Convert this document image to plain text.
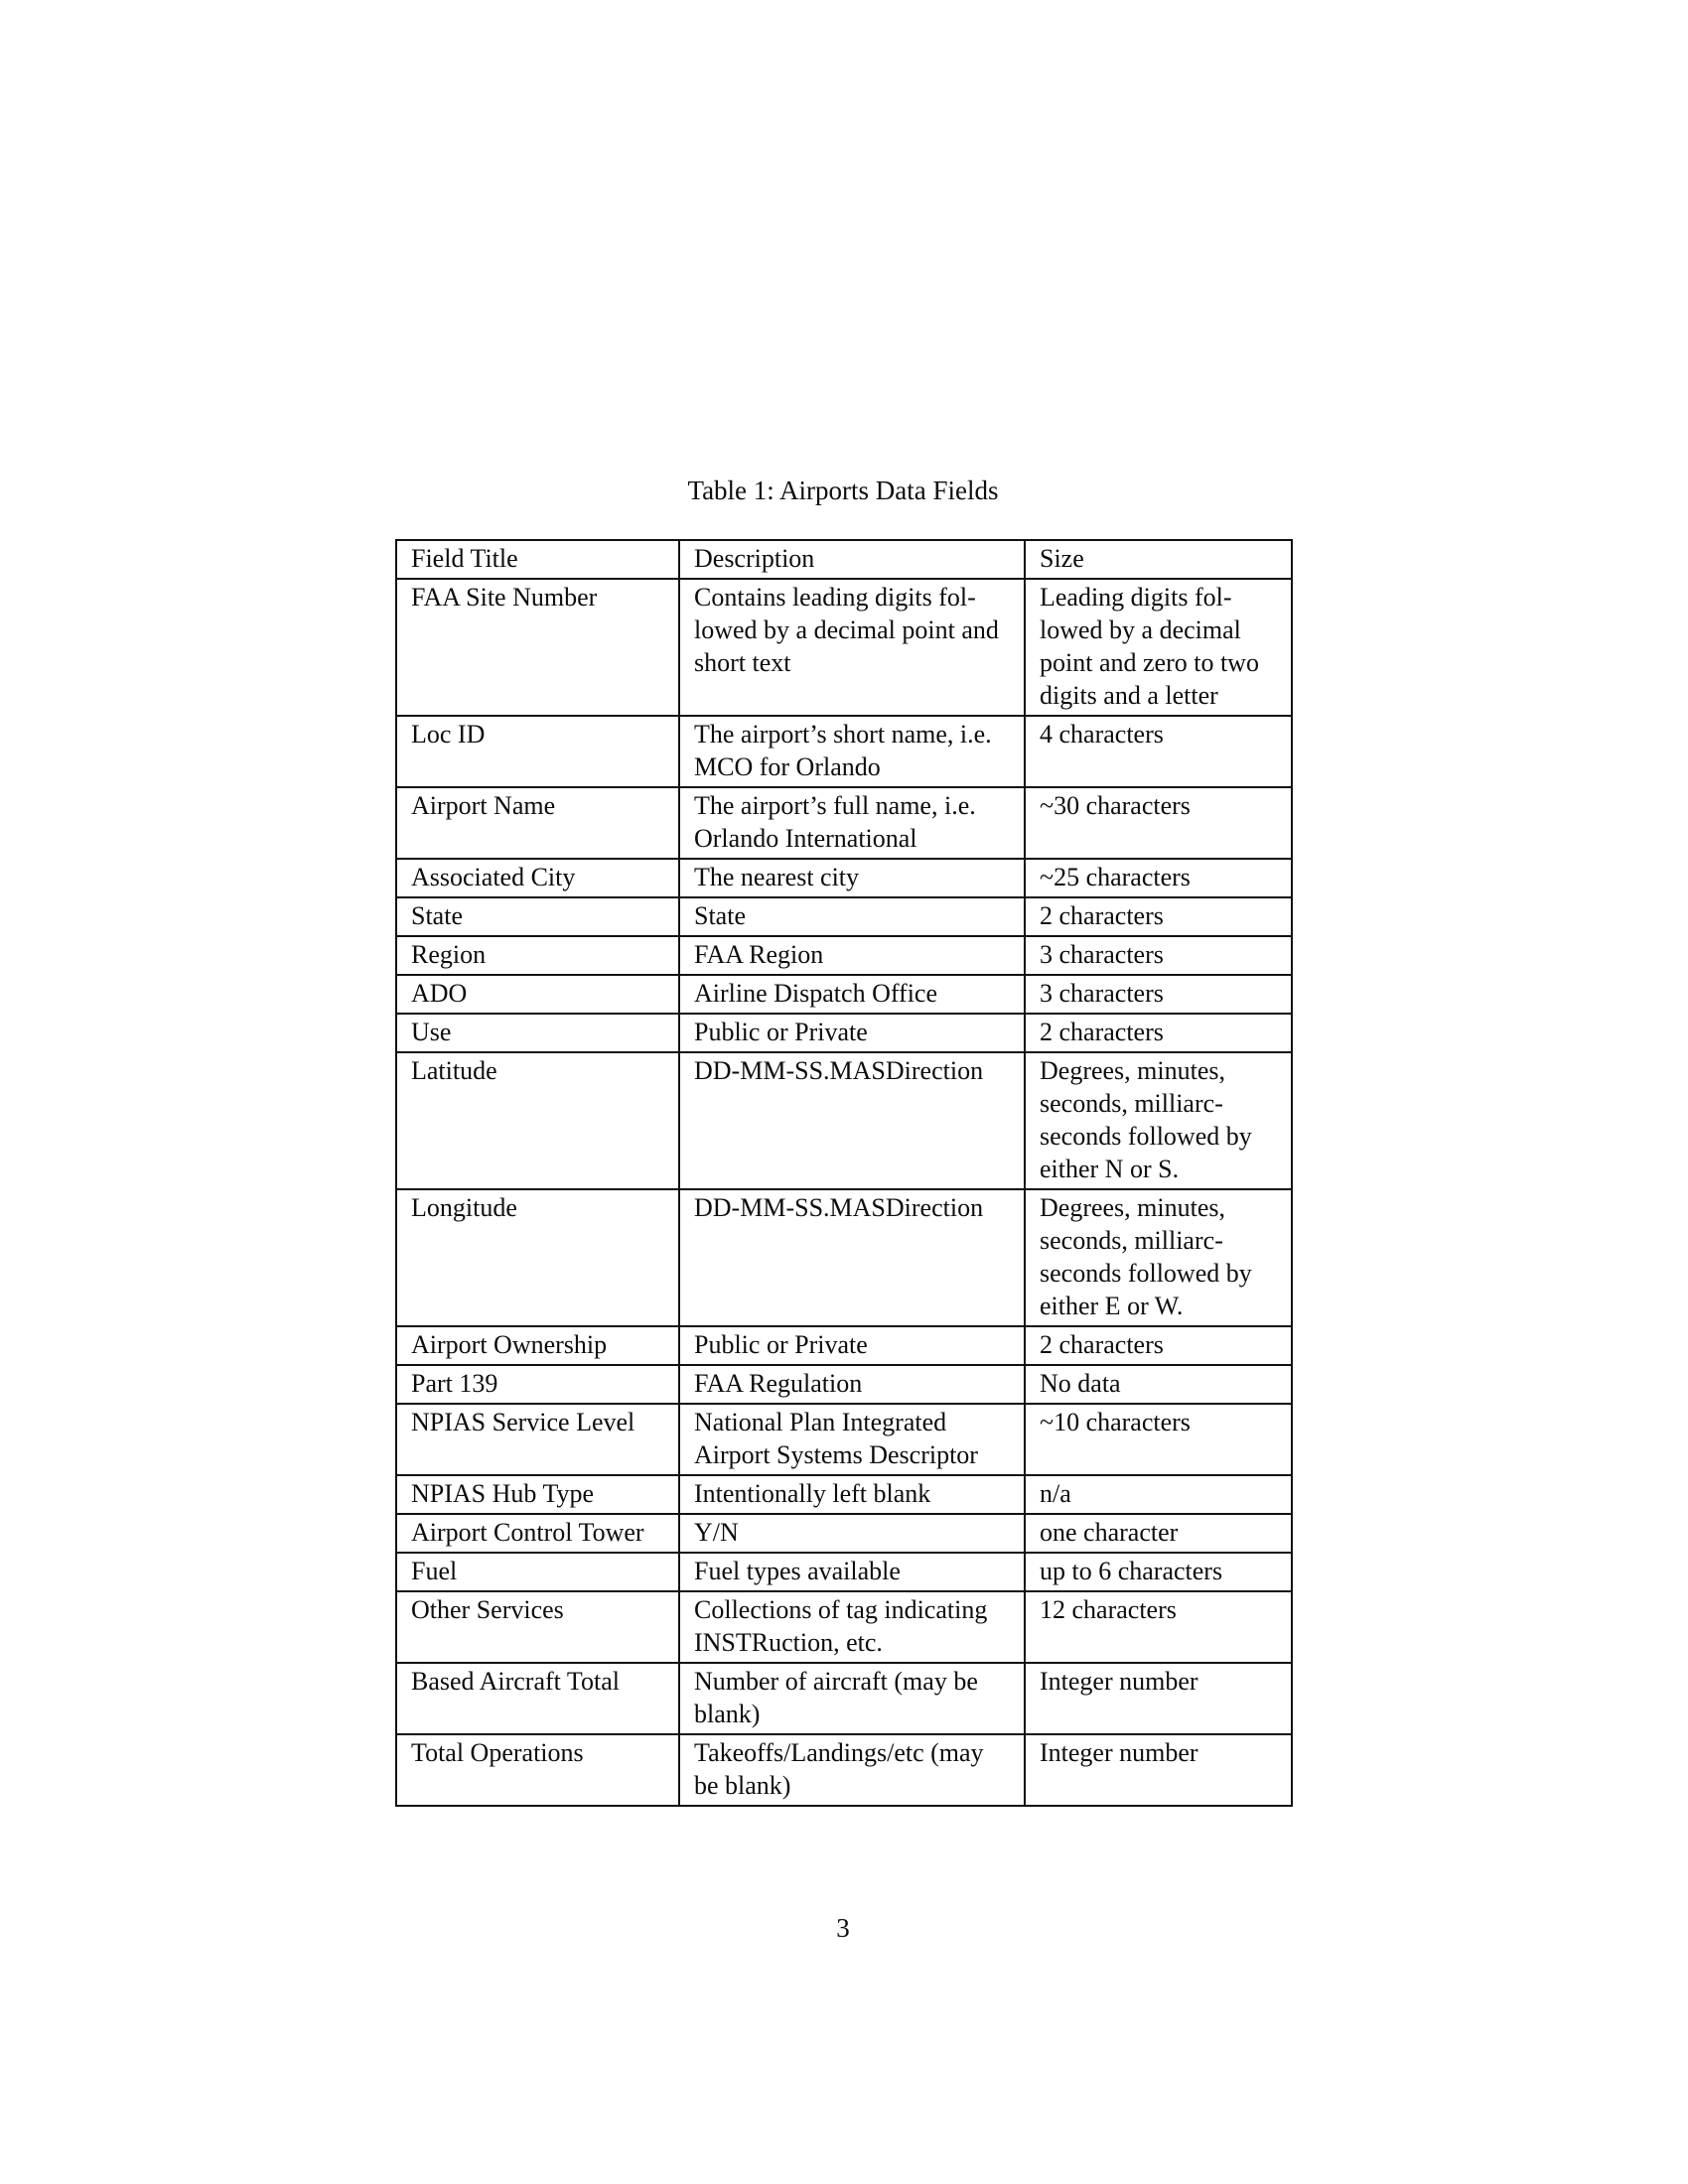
Table 1: Airports Data Fields
Field Title	Description	Size
FAA Site Number	Contains leading digits followed by a decimal point and short text	Leading digits followed by a decimal point and zero to two digits and a letter
Loc ID	The airport’s short name, i.e. MCO for Orlando	4 characters
Airport Name	The airport’s full name, i.e. Orlando International	~30 characters
Associated City	The nearest city	~25 characters
State	State	2 characters
Region	FAA Region	3 characters
ADO	Airline Dispatch Office	3 characters
Use	Public or Private	2 characters
Latitude	DD-MM-SS.MASDirection	Degrees, minutes, seconds, milliarcseconds followed by either N or S.
Longitude	DD-MM-SS.MASDirection	Degrees, minutes, seconds, milliarcseconds followed by either E or W.
Airport Ownership	Public or Private	2 characters
Part 139	FAA Regulation	No data
NPIAS Service Level	National Plan Integrated Airport Systems Descriptor	~10 characters
NPIAS Hub Type	Intentionally left blank	n/a
Airport Control Tower	Y/N	one character
Fuel	Fuel types available	up to 6 characters
Other Services	Collections of tag indicating INSTRuction, etc.	12 characters
Based Aircraft Total	Number of aircraft (may be blank)	Integer number
Total Operations	Takeoffs/Landings/etc (may be blank)	Integer number
3
